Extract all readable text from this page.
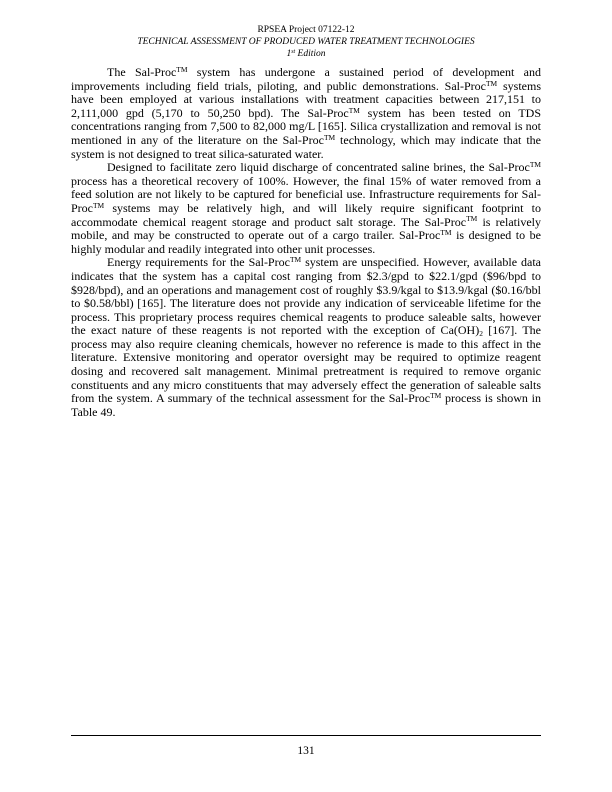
RPSEA Project 07122-12
TECHNICAL ASSESSMENT OF PRODUCED WATER TREATMENT TECHNOLOGIES
1st Edition

The Sal-Proc™ system has undergone a sustained period of development and improvements including field trials, piloting, and public demonstrations. Sal-Proc™ systems have been employed at various installations with treatment capacities between 217,151 to 2,111,000 gpd (5,170 to 50,250 bpd). The Sal-Proc™ system has been tested on TDS concentrations ranging from 7,500 to 82,000 mg/L [165]. Silica crystallization and removal is not mentioned in any of the literature on the Sal-Proc™ technology, which may indicate that the system is not designed to treat silica-saturated water.

Designed to facilitate zero liquid discharge of concentrated saline brines, the Sal-Proc™ process has a theoretical recovery of 100%. However, the final 15% of water removed from a feed solution are not likely to be captured for beneficial use. Infrastructure requirements for Sal-Proc™ systems may be relatively high, and will likely require significant footprint to accommodate chemical reagent storage and product salt storage. The Sal-Proc™ is relatively mobile, and may be constructed to operate out of a cargo trailer. Sal-Proc™ is designed to be highly modular and readily integrated into other unit processes.

Energy requirements for the Sal-Proc™ system are unspecified. However, available data indicates that the system has a capital cost ranging from $2.3/gpd to $22.1/gpd ($96/bpd to $928/bpd), and an operations and management cost of roughly $3.9/kgal to $13.9/kgal ($0.16/bbl to $0.58/bbl) [165]. The literature does not provide any indication of serviceable lifetime for the process. This proprietary process requires chemical reagents to produce saleable salts, however the exact nature of these reagents is not reported with the exception of $Ca(OH)_2$ [167]. The process may also require cleaning chemicals, however no reference is made to this affect in the literature. Extensive monitoring and operator oversight may be required to optimize reagent dosing and recovered salt management. Minimal pretreatment is required to remove organic constituents and any micro constituents that may adversely effect the generation of saleable salts from the system. A summary of the technical assessment for the Sal-Proc™ process is shown in Table 49.

131
